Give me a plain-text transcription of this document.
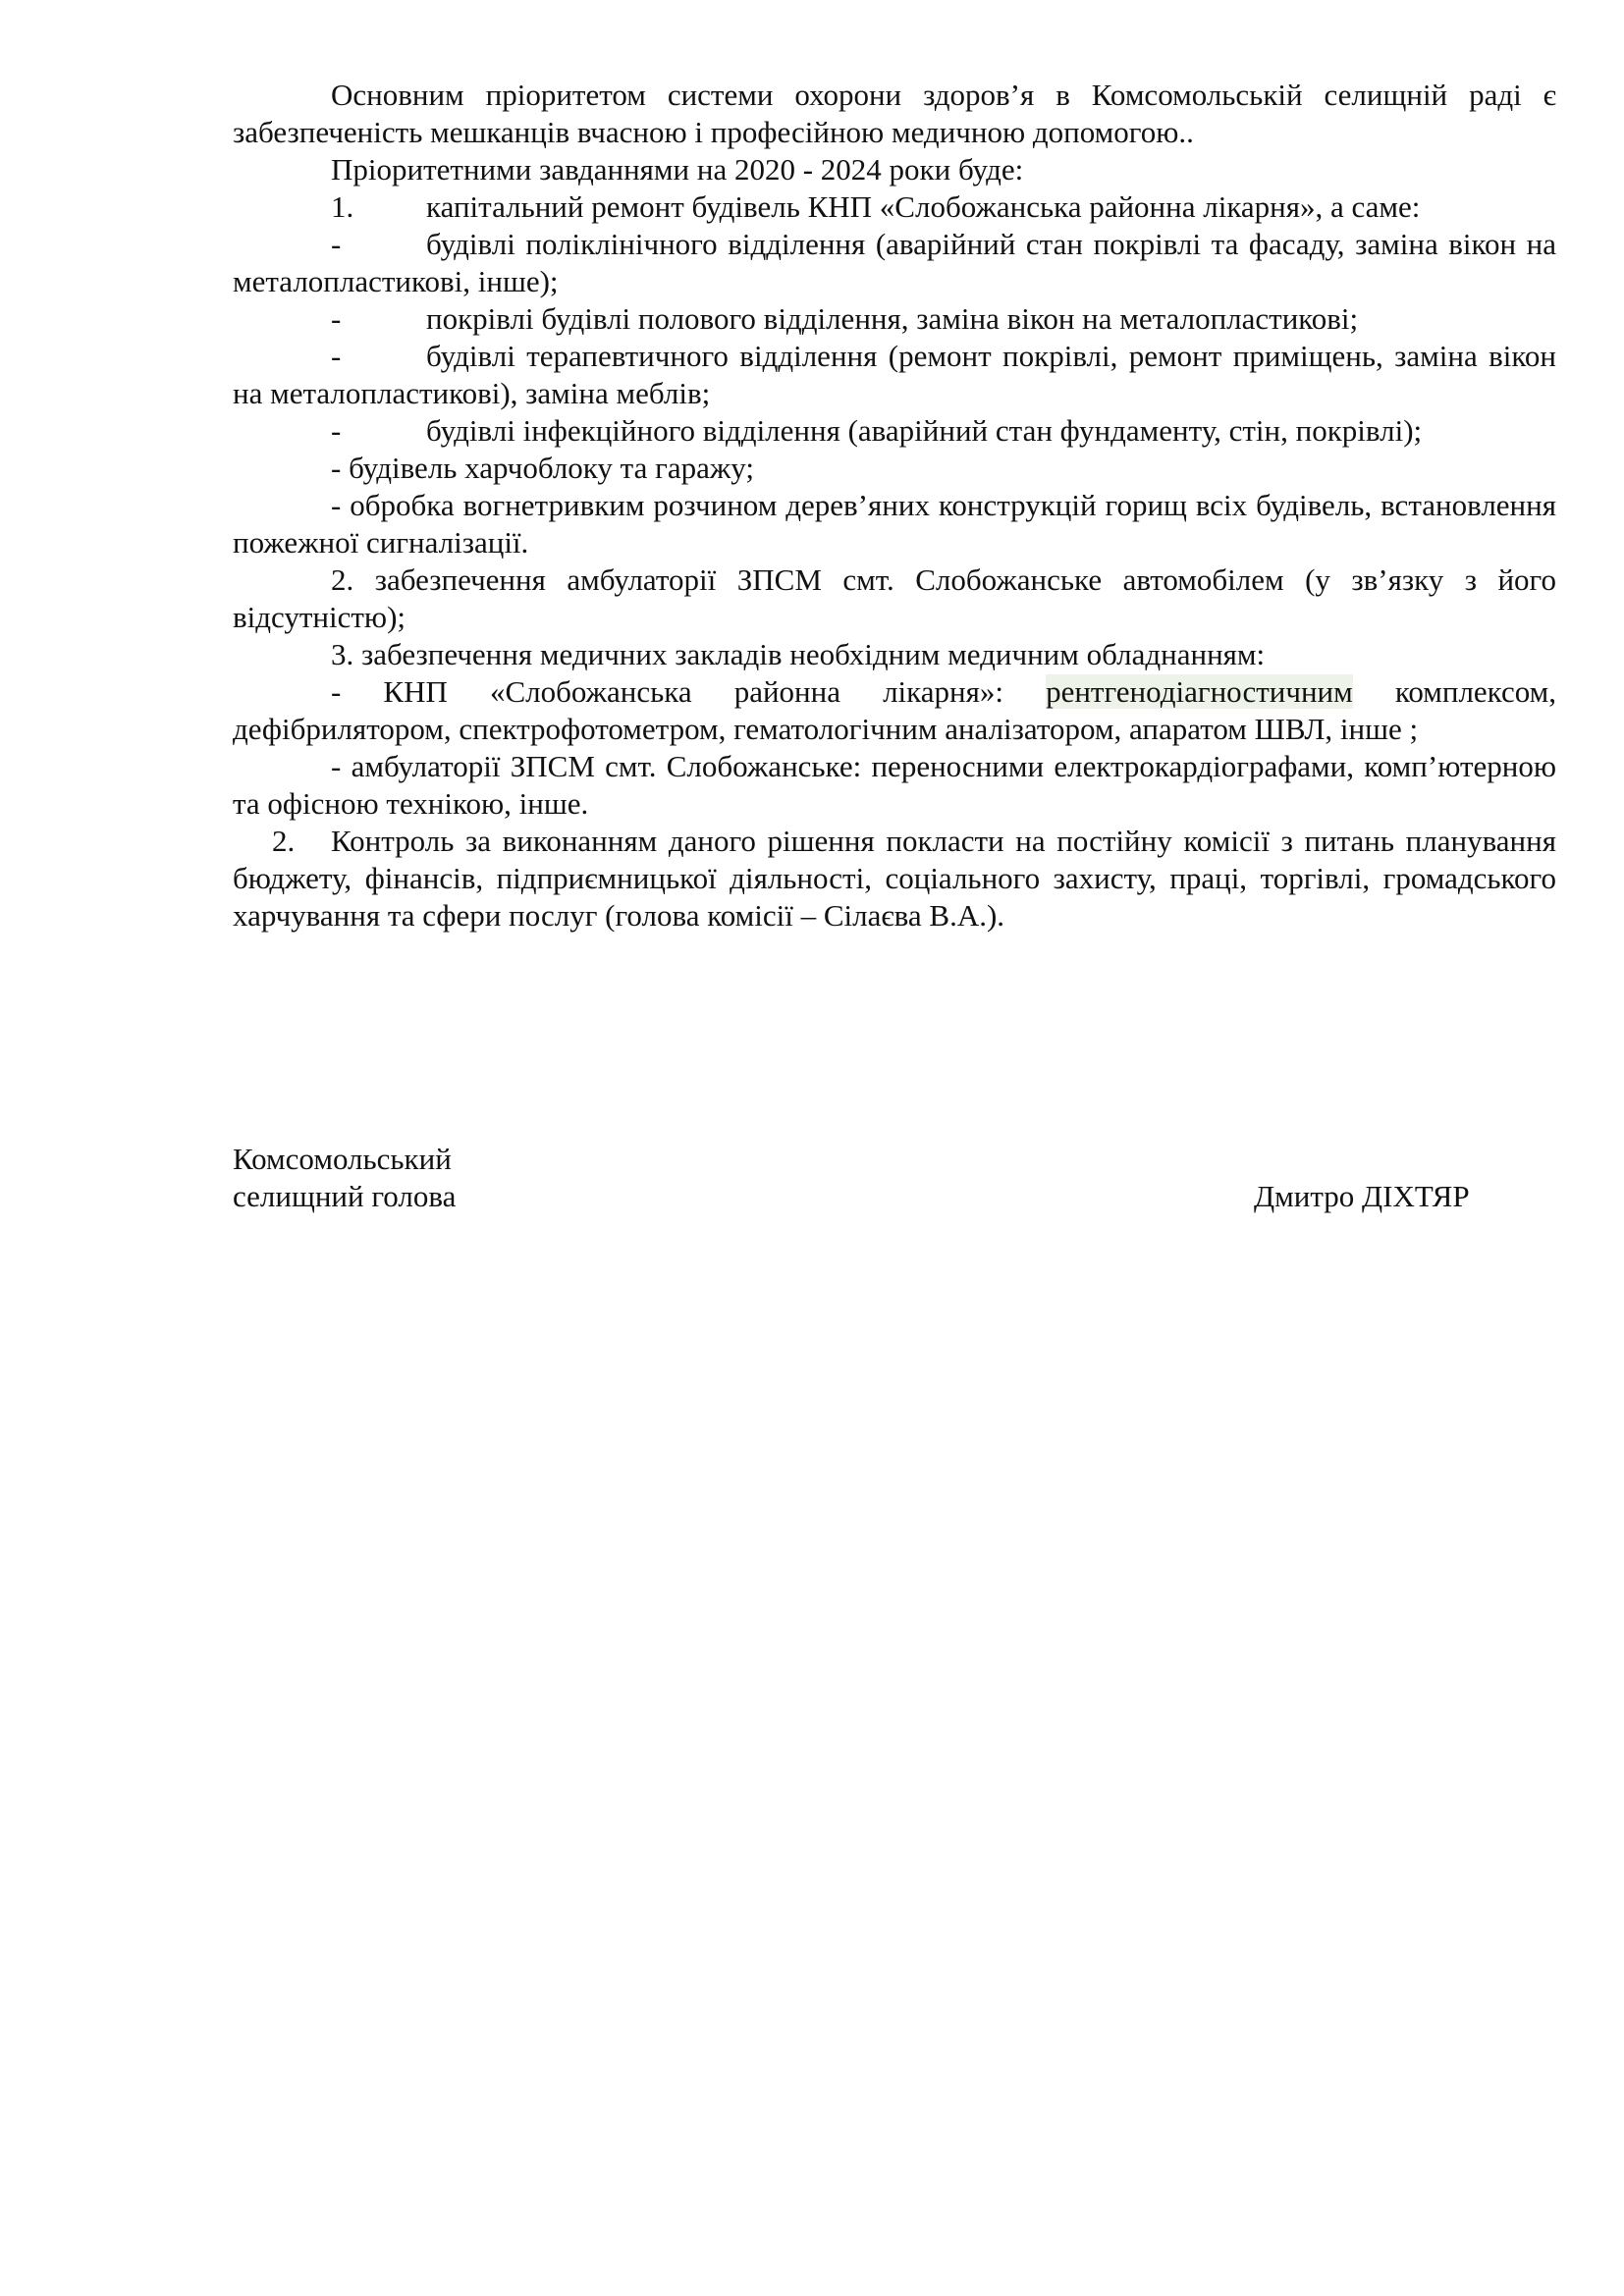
Основним пріоритетом системи охорони здоров’я в Комсомольській селищній раді є забезпеченість мешканців вчасною і професійною медичною допомогою..

Пріоритетними завданнями на 2020 - 2024 роки буде:

1. капітальний ремонт будівель КНП «Слобожанська районна лікарня», а саме:

-	будівлі поліклінічного відділення (аварійний стан покрівлі та фасаду, заміна вікон на металопластикові, інше);

-	покрівлі будівлі полового відділення, заміна вікон на металопластикові;

-	будівлі терапевтичного відділення (ремонт покрівлі, ремонт приміщень, заміна вікон на металопластикові), заміна меблів;

-	будівлі інфекційного відділення (аварійний стан фундаменту, стін, покрівлі);

- будівель харчоблоку та гаражу;

- обробка вогнетривким розчином дерев’яних конструкцій горищ всіх будівель, встановлення пожежної сигналізації.

2. забезпечення амбулаторії ЗПСМ смт. Слобожанське автомобілем (у зв’язку з його відсутністю);

3. забезпечення медичних закладів необхідним медичним обладнанням:

- КНП «Слобожанська районна лікарня»: рентгенодіагностичним комплексом, дефібрилятором, спектрофотометром, гематологічним аналізатором, апаратом ШВЛ, інше ;

- амбулаторії ЗПСМ смт. Слобожанське: переносними електрокардіографами, комп’ютерною та офісною технікою, інше.

2. Контроль за виконанням даного рішення покласти на постійну комісії з питань планування бюджету, фінансів, підприємницької діяльності, соціального захисту, праці, торгівлі, громадського харчування та сфери послуг (голова комісії – Сілаєва В.А.).

Комсомольський
селищний голова	Дмитро ДІХТЯР
